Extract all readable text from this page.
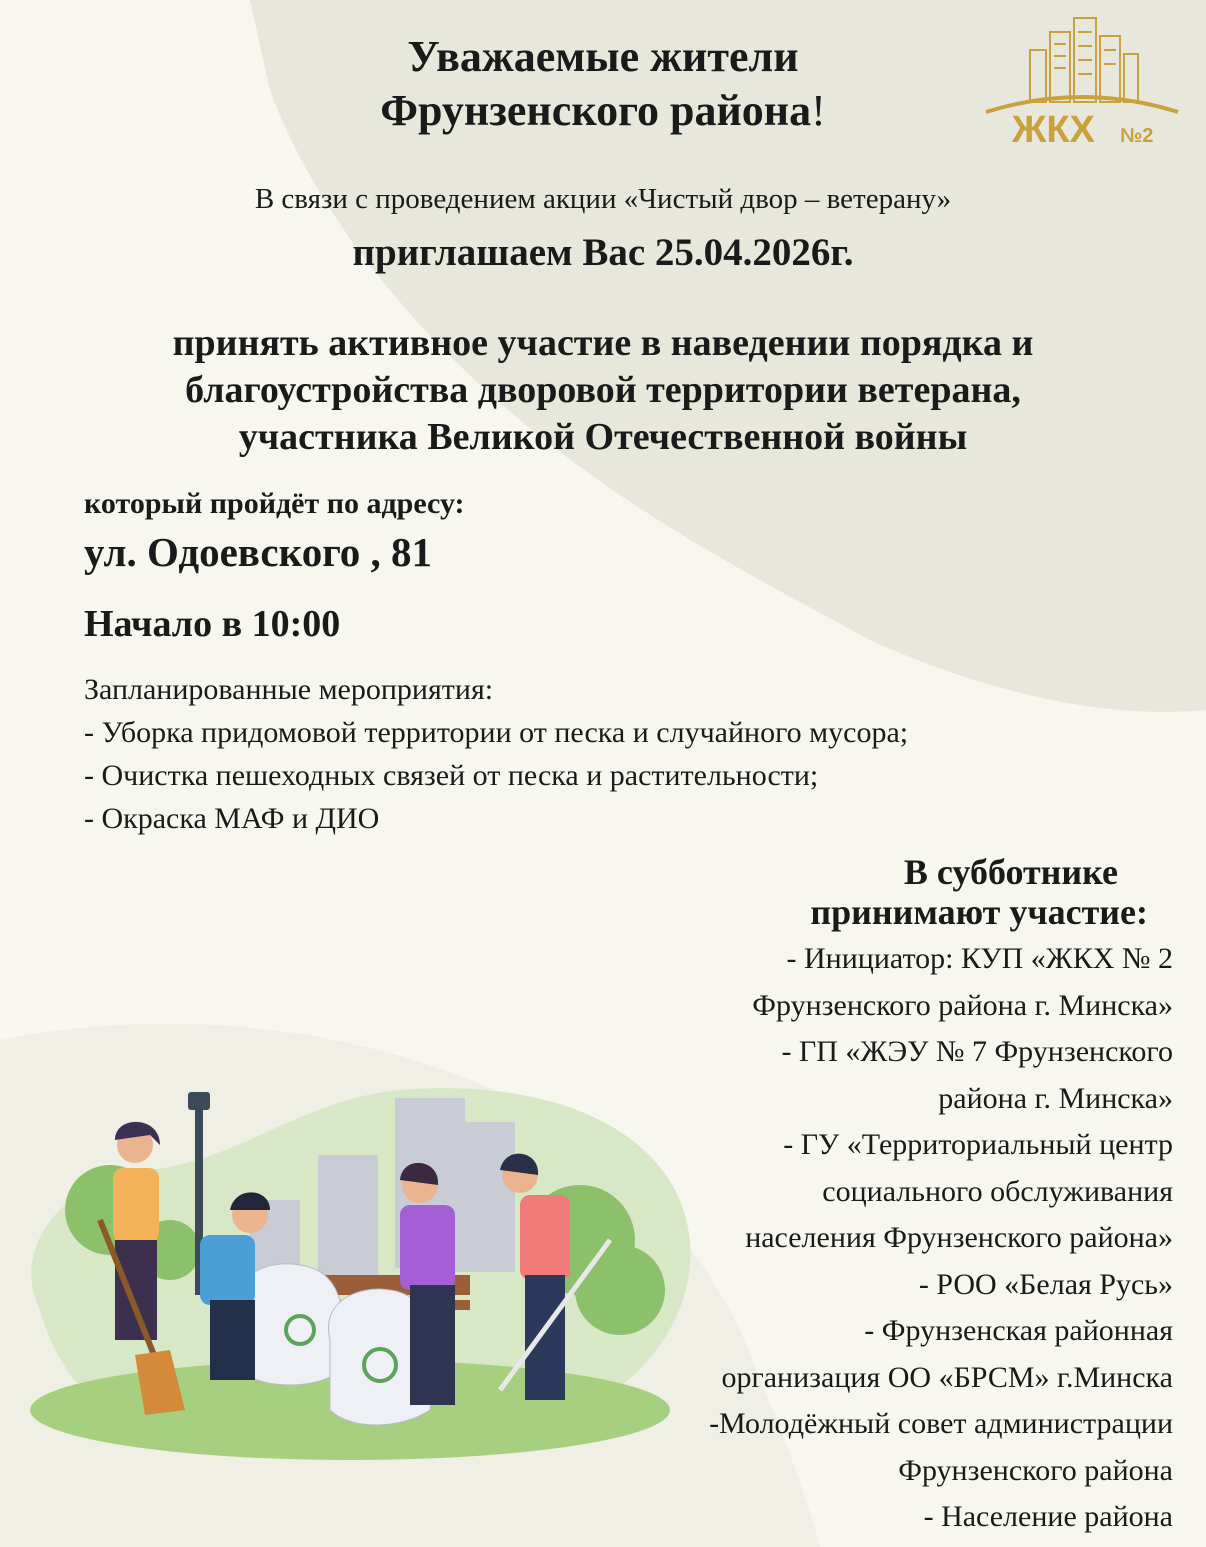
ЖКХ №2
Уважаемые жители
Фрунзенского района!
В связи с проведением акции «Чистый двор – ветерану»
приглашаем Вас 25.04.2026г.
принять активное участие в наведении порядка и
благоустройства дворовой территории ветерана,
участника Великой Отечественной войны
который пройдёт по адресу:
ул. Одоевского , 81
Начало в 10:00
Запланированные мероприятия:
- Уборка придомовой территории от песка и случайного мусора;
- Очистка пешеходных связей от песка и растительности;
- Окраска МАФ и ДИО
В субботнике
принимают участие:
- Инициатор: КУП «ЖКХ № 2
Фрунзенского района г. Минска»
- ГП «ЖЭУ № 7 Фрунзенского
района г. Минска»
- ГУ «Территориальный центр
социального обслуживания
населения Фрунзенского района»
- РОО «Белая Русь»
- Фрунзенская районная
организация ОО «БРСМ» г.Минска
-Молодёжный совет администрации
Фрунзенского района
- Население района
